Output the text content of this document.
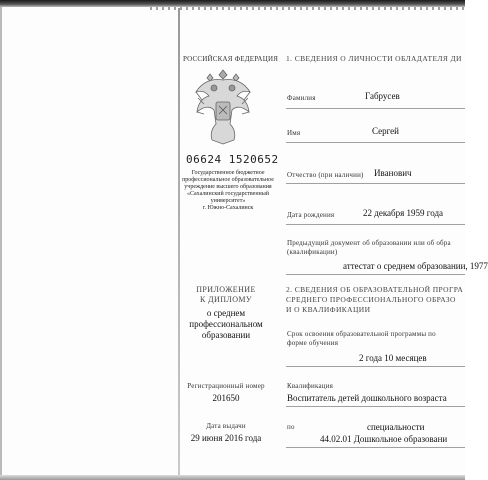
РОССИЙСКАЯ ФЕДЕРАЦИЯ
06624 1520652
Государственное бюджетное
профессиональное образовательное
учреждение высшего образования
«Сахалинский государственный
университет»
г. Южно-Сахалинск
ПРИЛОЖЕНИЕ
К ДИПЛОМУ
о среднем
профессиональном
образовании
Регистрационный номер
201650
Дата выдачи
29 июня 2016 года
1. СВЕДЕНИЯ О ЛИЧНОСТИ ОБЛАДАТЕЛЯ ДИ
Фамилия	Габрусев
Имя	Сергей
Отчество (при наличии) Иванович
Дата рождения	22 декабря 1959 года
Предыдущий документ об образовании или об обра
(квалификации)
аттестат о среднем образовании, 1977
2. СВЕДЕНИЯ ОБ ОБРАЗОВАТЕЛЬНОЙ ПРОГРА
СРЕДНЕГО ПРОФЕССИОНАЛЬНОГО ОБРАЗО
И О КВАЛИФИКАЦИИ
Срок освоения образовательной программы по
форме обучения
2 года 10 месяцев
Квалификация
Воспитатель детей дошкольного возраста
по	специальности
44.02.01 Дошкольное образовани
